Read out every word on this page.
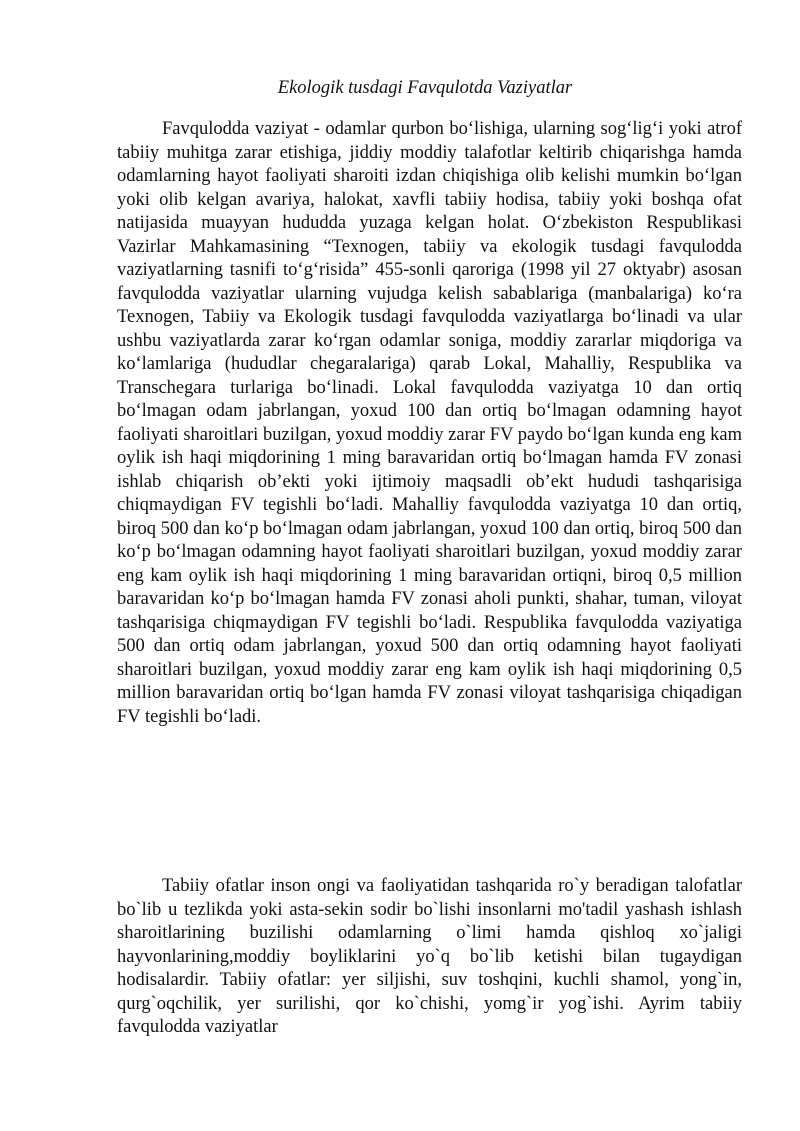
Ekologik tusdagi Favqulotda Vaziyatlar

Favqulodda vaziyat - odamlar qurbon bo‘lishiga, ularning sog‘lig‘i yoki atrof tabiiy muhitga zarar etishiga, jiddiy moddiy talafotlar keltirib chiqarishga hamda odamlarning hayot faoliyati sharoiti izdan chiqishiga olib kelishi mumkin bo‘lgan yoki olib kelgan avariya, halokat, xavfli tabiiy hodisa, tabiiy yoki boshqa ofat natijasida muayyan hududda yuzaga kelgan holat. O‘zbekiston Respublikasi Vazirlar Mahkamasining “Texnogen, tabiiy va ekologik tusdagi favqulodda vaziyatlarning tasnifi to‘g‘risida” 455-sonli qaroriga (1998 yil 27 oktyabr) asosan favqulodda vaziyatlar ularning vujudga kelish sabablariga (manbalariga) ko‘ra Texnogen, Tabiiy va Ekologik tusdagi favqulodda vaziyatlarga bo‘linadi va ular ushbu vaziyatlarda zarar ko‘rgan odamlar soniga, moddiy zararlar miqdoriga va ko‘lamlariga (hududlar chegaralariga) qarab Lokal, Mahalliy, Respublika va Transchegara turlariga bo‘linadi. Lokal favqulodda vaziyatga 10 dan ortiq bo‘lmagan odam jabrlangan, yoxud 100 dan ortiq bo‘lmagan odamning hayot faoliyati sharoitlari buzilgan, yoxud moddiy zarar FV paydo bo‘lgan kunda eng kam oylik ish haqi miqdorining 1 ming baravaridan ortiq bo‘lmagan hamda FV zonasi ishlab chiqarish ob’ekti yoki ijtimoiy maqsadli ob’ekt hududi tashqarisiga chiqmaydigan FV tegishli bo‘ladi. Mahalliy favqulodda vaziyatga 10 dan ortiq, biroq 500 dan ko‘p bo‘lmagan odam jabrlangan, yoxud 100 dan ortiq, biroq 500 dan ko‘p bo‘lmagan odamning hayot faoliyati sharoitlari buzilgan, yoxud moddiy zarar eng kam oylik ish haqi miqdorining 1 ming baravaridan ortiqni, biroq 0,5 million baravaridan ko‘p bo‘lmagan hamda FV zonasi aholi punkti, shahar, tuman, viloyat tashqarisiga chiqmaydigan FV tegishli bo‘ladi. Respublika favqulodda vaziyatiga 500 dan ortiq odam jabrlangan, yoxud 500 dan ortiq odamning hayot faoliyati sharoitlari buzilgan, yoxud moddiy zarar eng kam oylik ish haqi miqdorining 0,5 million baravaridan ortiq bo‘lgan hamda FV zonasi viloyat tashqarisiga chiqadigan FV tegishli bo‘ladi.

Tabiiy ofatlar inson ongi va faoliyatidan tashqarida ro`y beradigan talofatlar bo`lib u tezlikda yoki asta-sekin sodir bo`lishi insonlarni mo'tadil yashash ishlash sharoitlarining buzilishi odamlarning o`limi hamda qishloq xo`jaligi hayvonlarining,moddiy boyliklarini yo`q bo`lib ketishi bilan tugaydigan hodisalardir. Tabiiy ofatlar: yer siljishi, suv toshqini, kuchli shamol, yong`in, qurg`oqchilik, yer surilishi, qor ko`chishi, yomg`ir yog`ishi. Ayrim tabiiy favqulodda vaziyatlar
